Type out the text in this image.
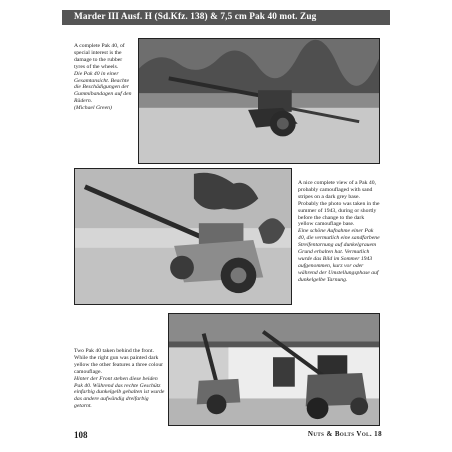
Marder III Ausf. H (Sd.Kfz. 138) & 7,5 cm Pak 40 mot. Zug
A complete Pak 40, of special interest is the damage to the rubber tyres of the wheels.
Die Pak 40 in einer Gesamtansicht. Beachte die Beschädigungen der Gummibandagen auf den Rädern.
(Michael Green)
A nice complete view of a Pak 40, probably camouflaged with sand stripes on a dark grey base. Probably the photo was taken in the summer of 1943, during or shortly before the change to the dark yellow camouflage base.
Eine schöne Aufnahme einer Pak 40, die vermutlich eine sandfarbene Streifentarnung auf dunkelgrauem Grund erhalten hat. Vermutlich wurde das Bild im Sommer 1943 aufgenommen, kurz vor oder während der Umstellungsphase auf dunkelgelbe Tarnung.
Two Pak 40 taken behind the front. While the right gun was painted dark yellow the other features a three colour camouflage.
Hinter der Front stehen diese beiden Pak 40. Während das rechte Geschütz einfarbig dunkelgelb gehalten ist wurde das andere aufwändig dreifarbig getarnt.
108	Nuts & Bolts Vol. 18
